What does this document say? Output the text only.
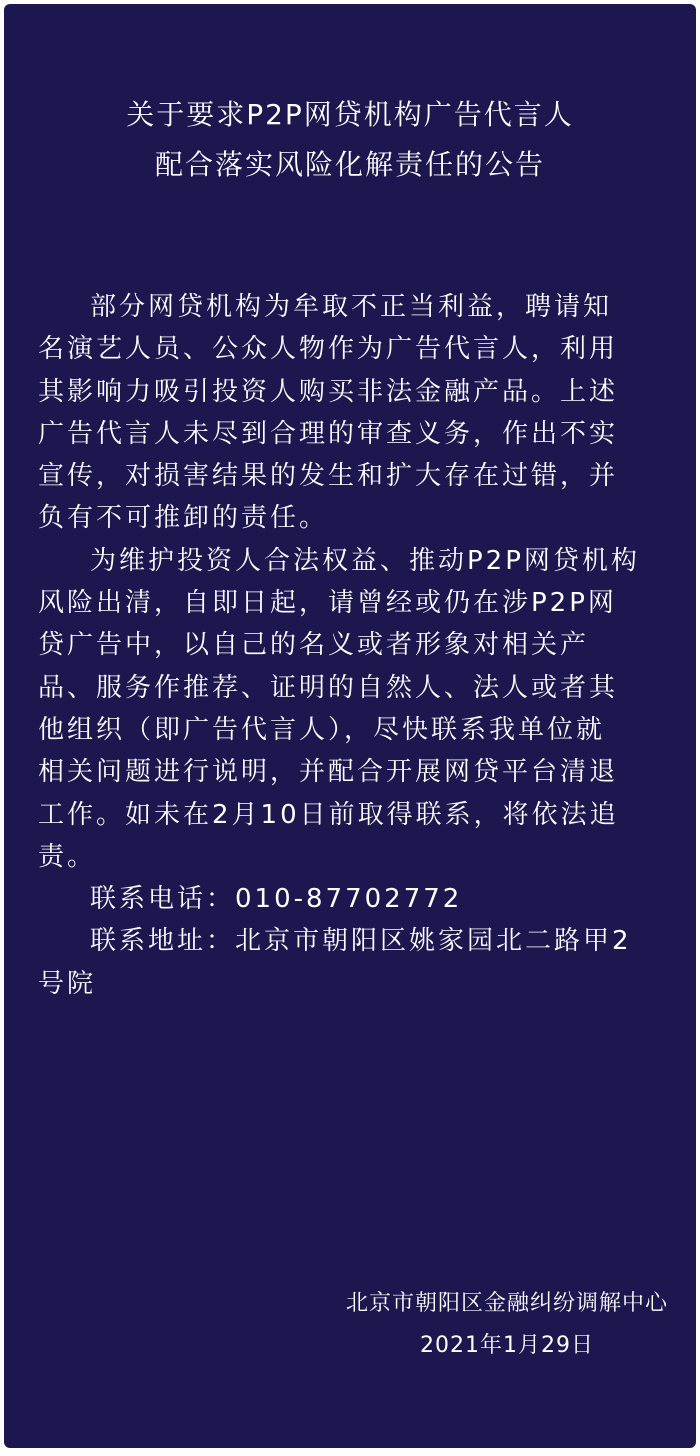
关于要求P2P网贷机构广告代言人
配合落实风险化解责任的公告

部分网贷机构为牟取不正当利益，聘请知
名演艺人员、公众人物作为广告代言人，利用
其影响力吸引投资人购买非法金融产品。上述
广告代言人未尽到合理的审查义务，作出不实
宣传，对损害结果的发生和扩大存在过错，并
负有不可推卸的责任。

为维护投资人合法权益、推动P2P网贷机构
风险出清，自即日起，请曾经或仍在涉P2P网
贷广告中，以自己的名义或者形象对相关产
品、服务作推荐、证明的自然人、法人或者其
他组织（即广告代言人），尽快联系我单位就
相关问题进行说明，并配合开展网贷平台清退
工作。如未在2月10日前取得联系，将依法追
责。

联系电话：010-87702772

联系地址：北京市朝阳区姚家园北二路甲2

号院

北京市朝阳区金融纠纷调解中心
2021年1月29日
